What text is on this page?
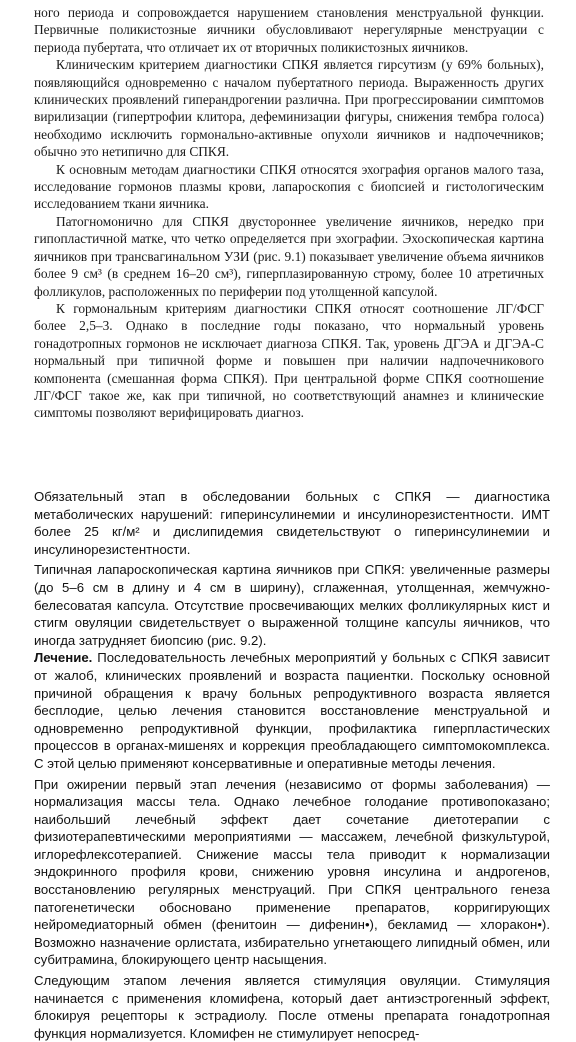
ного периода и сопровождается нарушением становления менструальной функции. Первичные поликистозные яичники обусловливают нерегулярные менструации с периода пубертата, что отличает их от вторичных поликистозных яичников.

Клиническим критерием диагностики СПКЯ является гирсутизм (у 69% больных), появляющийся одновременно с началом пубертатного периода. Выраженность других клинических проявлений гиперандрогении различна. При прогрессировании симптомов вирилизации (гипертрофии клитора, дефеминизации фигуры, снижения тембра голоса) необходимо исключить гормонально-активные опухоли яичников и надпочечников; обычно это нетипично для СПКЯ.

К основным методам диагностики СПКЯ относятся эхография органов малого таза, исследование гормонов плазмы крови, лапароскопия с биопсией и гистологическим исследованием ткани яичника.

Патогномонично для СПКЯ двустороннее увеличение яичников, нередко при гипопластичной матке, что четко определяется при эхографии. Эхоскопическая картина яичников при трансвагинальном УЗИ (рис. 9.1) показывает увеличение объема яичников более 9 см³ (в среднем 16–20 см³), гиперплазированную строму, более 10 атретичных фолликулов, расположенных по периферии под утолщенной капсулой.

К гормональным критериям диагностики СПКЯ относят соотношение ЛГ/ФСГ более 2,5–3. Однако в последние годы показано, что нормальный уровень гонадотропных гормонов не исключает диагноза СПКЯ. Так, уровень ДГЭА и ДГЭА-С нормальный при типичной форме и повышен при наличии надпочечникового компонента (смешанная форма СПКЯ). При центральной форме СПКЯ соотношение ЛГ/ФСГ такое же, как при типичной, но соответствующий анамнез и клинические симптомы позволяют верифицировать диагноз.

Обязательный этап в обследовании больных с СПКЯ — диагностика метаболических нарушений: гиперинсулинемии и инсулинорезистентности. ИМТ более 25 кг/м² и дислипидемия свидетельствуют о гиперинсулинемии и инсулинорезистентности.

Типичная лапароскопическая картина яичников при СПКЯ: увеличенные размеры (до 5–6 см в длину и 4 см в ширину), сглаженная, утолщенная, жемчужно-белесоватая капсула. Отсутствие просвечивающих мелких фолликулярных кист и стигм овуляции свидетельствует о выраженной толщине капсулы яичников, что иногда затрудняет биопсию (рис. 9.2).

Лечение. Последовательность лечебных мероприятий у больных с СПКЯ зависит от жалоб, клинических проявлений и возраста пациентки. Поскольку основной причиной обращения к врачу больных репродуктивного возраста является бесплодие, целью лечения становится восстановление менструальной и одновременно репродуктивной функции, профилактика гиперпластических процессов в органах-мишенях и коррекция преобладающего симптомокомплекса. С этой целью применяют консервативные и оперативные методы лечения.

При ожирении первый этап лечения (независимо от формы заболевания) — нормализация массы тела. Однако лечебное голодание противопоказано; наибольший лечебный эффект дает сочетание диетотерапии с физиотерапевтическими мероприятиями — массажем, лечебной физкультурой, иглорефлексотерапией. Снижение массы тела приводит к нормализации эндокринного профиля крови, снижению уровня инсулина и андрогенов, восстановлению регулярных менструаций. При СПКЯ центрального генеза патогенетически обосновано применение препаратов, корригирующих нейромедиаторный обмен (фенитоин — дифенин•), бекламид — хлоракон•). Возможно назначение орлистата, избирательно угнетающего липидный обмен, или субитрамина, блокирующего центр насыщения.

Следующим этапом лечения является стимуляция овуляции. Стимуляция начинается с применения кломифена, который дает антиэстрогенный эффект, блокируя рецепторы к эстрадиолу. После отмены препарата гонадотропная функция нормализуется. Кломифен не стимулирует непосред-
